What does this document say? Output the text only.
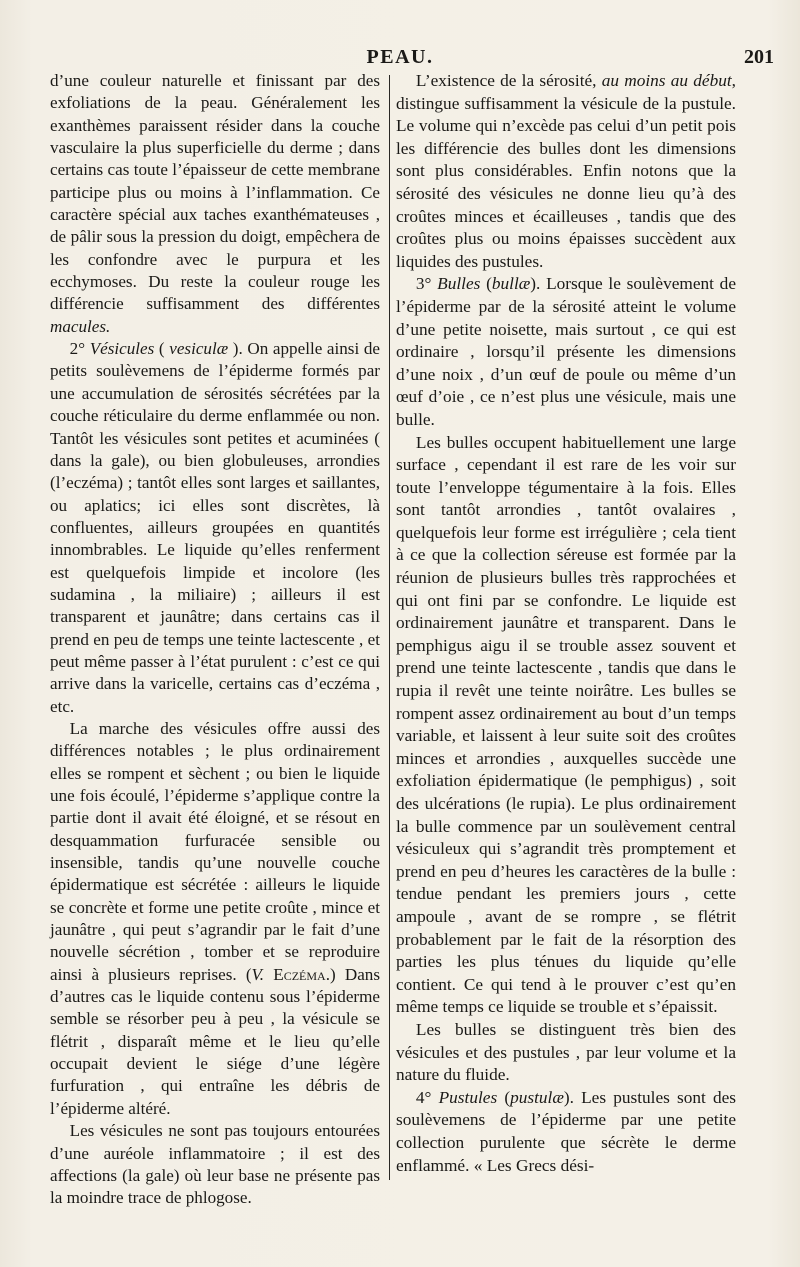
PEAU.	201

d’une couleur naturelle et finissant par des exfoliations de la peau. Généralement les exanthèmes paraissent résider dans la couche vasculaire la plus superficielle du derme ; dans certains cas toute l’épaisseur de cette membrane participe plus ou moins à l’inflammation. Ce caractère spécial aux taches exanthémateuses , de pâlir sous la pression du doigt, empêchera de les confondre avec le purpura et les ecchymoses. Du reste la couleur rouge les différencie suffisamment des différentes macules.

2° Vésicules ( vesiculæ ). On appelle ainsi de petits soulèvemens de l’épiderme formés par une accumulation de sérosités sécrétées par la couche réticulaire du derme enflammée ou non. Tantôt les vésicules sont petites et acuminées ( dans la gale), ou bien globuleuses, arrondies (l’eczéma) ; tantôt elles sont larges et saillantes, ou aplatics; ici elles sont discrètes, là confluentes, ailleurs groupées en quantités innombrables. Le liquide qu’elles renferment est quelquefois limpide et incolore (les sudamina , la miliaire) ; ailleurs il est transparent et jaunâtre; dans certains cas il prend en peu de temps une teinte lactescente , et peut même passer à l’état purulent : c’est ce qui arrive dans la varicelle, certains cas d’eczéma , etc.

La marche des vésicules offre aussi des différences notables ; le plus ordinairement elles se rompent et sèchent ; ou bien le liquide une fois écoulé, l’épiderme s’applique contre la partie dont il avait été éloigné, et se résout en desquammation furfuracée sensible ou insensible, tandis qu’une nouvelle couche épidermatique est sécrétée : ailleurs le liquide se concrète et forme une petite croûte , mince et jaunâtre , qui peut s’agrandir par le fait d’une nouvelle sécrétion , tomber et se reproduire ainsi à plusieurs reprises. (V. Eczéma.) Dans d’autres cas le liquide contenu sous l’épiderme semble se résorber peu à peu , la vésicule se flétrit , disparaît même et le lieu qu’elle occupait devient le siége d’une légère furfuration , qui entraîne les débris de l’épiderme altéré.

Les vésicules ne sont pas toujours entourées d’une auréole inflammatoire ; il est des affections (la gale) où leur base ne présente pas la moindre trace de phlogose.

L’existence de la sérosité, au moins au début, distingue suffisamment la vésicule de la pustule. Le volume qui n’excède pas celui d’un petit pois les différencie des bulles dont les dimensions sont plus considérables. Enfin notons que la sérosité des vésicules ne donne lieu qu’à des croûtes minces et écailleuses , tandis que des croûtes plus ou moins épaisses succèdent aux liquides des pustules.

3° Bulles (bullæ). Lorsque le soulèvement de l’épiderme par de la sérosité atteint le volume d’une petite noisette, mais surtout , ce qui est ordinaire , lorsqu’il présente les dimensions d’une noix , d’un œuf de poule ou même d’un œuf d’oie , ce n’est plus une vésicule, mais une bulle.

Les bulles occupent habituellement une large surface , cependant il est rare de les voir sur toute l’enveloppe tégumentaire à la fois. Elles sont tantôt arrondies , tantôt ovalaires , quelquefois leur forme est irrégulière ; cela tient à ce que la collection séreuse est formée par la réunion de plusieurs bulles très rapprochées et qui ont fini par se confondre. Le liquide est ordinairement jaunâtre et transparent. Dans le pemphigus aigu il se trouble assez souvent et prend une teinte lactescente , tandis que dans le rupia il revêt une teinte noirâtre. Les bulles se rompent assez ordinairement au bout d’un temps variable, et laissent à leur suite soit des croûtes minces et arrondies , auxquelles succède une exfoliation épidermatique (le pemphigus) , soit des ulcérations (le rupia). Le plus ordinairement la bulle commence par un soulèvement central vésiculeux qui s’agrandit très promptement et prend en peu d’heures les caractères de la bulle : tendue pendant les premiers jours , cette ampoule , avant de se rompre , se flétrit probablement par le fait de la résorption des parties les plus ténues du liquide qu’elle contient. Ce qui tend à le prouver c’est qu’en même temps ce liquide se trouble et s’épaissit.

Les bulles se distinguent très bien des vésicules et des pustules , par leur volume et la nature du fluide.

4° Pustules (pustulæ). Les pustules sont des soulèvemens de l’épiderme par une petite collection purulente que sécrète le derme enflammé. « Les Grecs dési-
